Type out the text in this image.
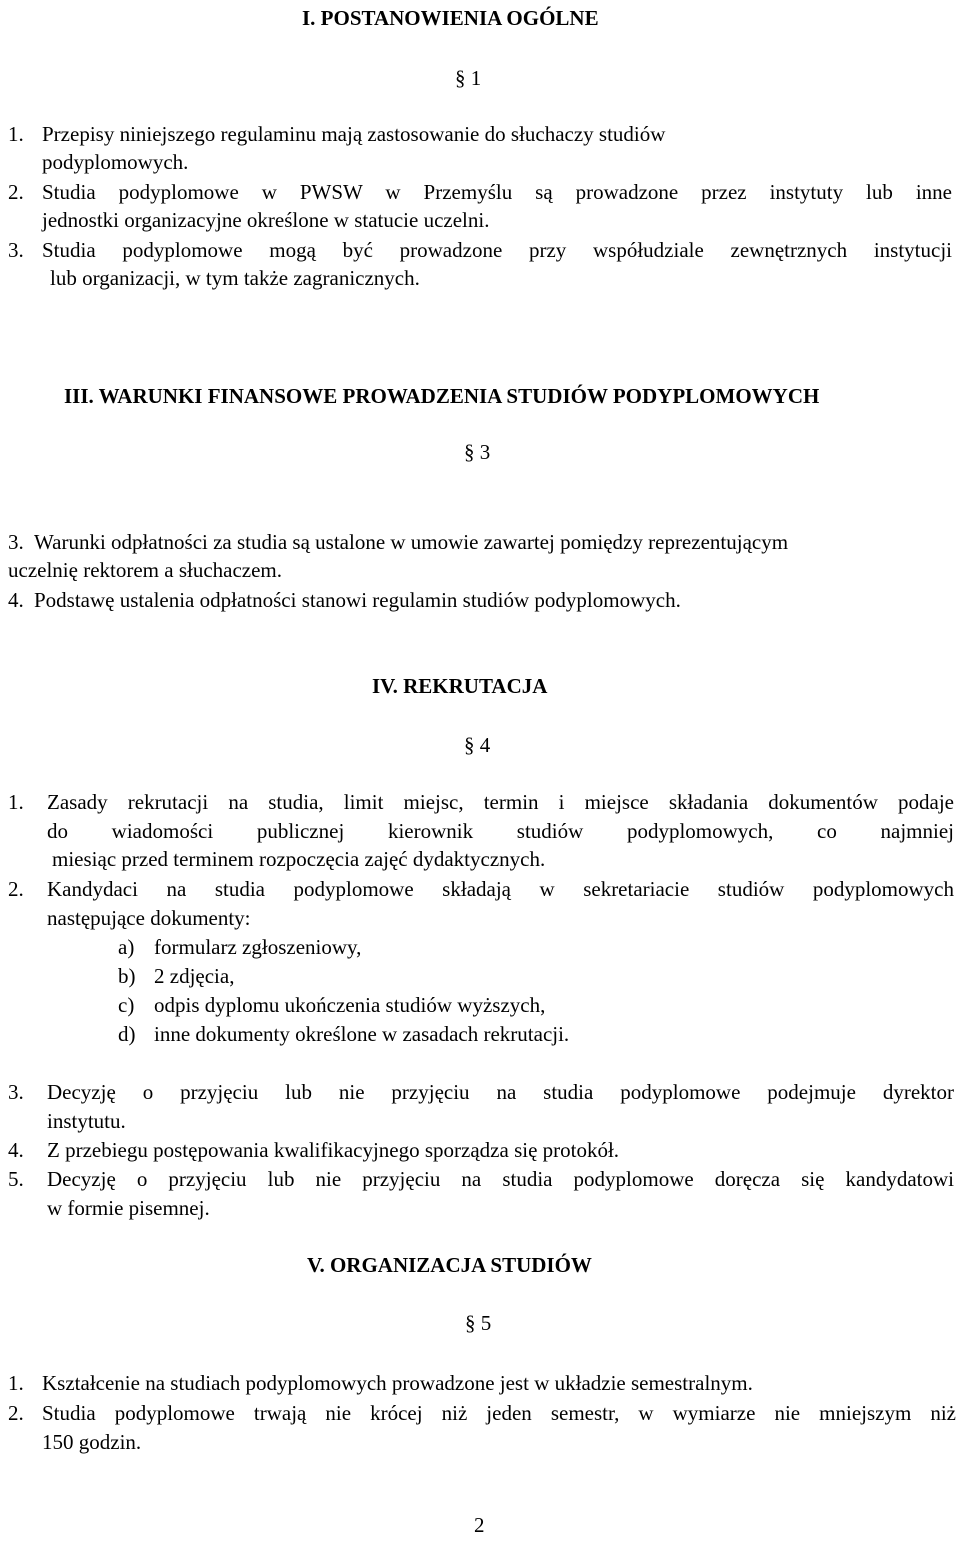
I. POSTANOWIENIA OGÓLNE
§ 1
1. Przepisy niniejszego regulaminu mają zastosowanie do słuchaczy studiów
podyplomowych.
2. Studia podyplomowe w PWSW w Przemyślu są prowadzone przez instytuty lub inne
jednostki organizacyjne określone w statucie uczelni.
3. Studia podyplomowe mogą być prowadzone przy współudziale zewnętrznych instytucji
lub organizacji, w tym także zagranicznych.
III. WARUNKI FINANSOWE PROWADZENIA STUDIÓW PODYPLOMOWYCH
§ 3
3. Warunki odpłatności za studia są ustalone w umowie zawartej pomiędzy reprezentującym
uczelnię rektorem a słuchaczem.
4. Podstawę ustalenia odpłatności stanowi regulamin studiów podyplomowych.
IV. REKRUTACJA
§ 4
1. Zasady rekrutacji na studia, limit miejsc, termin i miejsce składania dokumentów podaje
do wiadomości publicznej kierownik studiów podyplomowych, co najmniej
miesiąc przed terminem rozpoczęcia zajęć dydaktycznych.
2. Kandydaci na studia podyplomowe składają w sekretariacie studiów podyplomowych
następujące dokumenty:
a) formularz zgłoszeniowy,
b) 2 zdjęcia,
c) odpis dyplomu ukończenia studiów wyższych,
d) inne dokumenty określone w zasadach rekrutacji.
3. Decyzję o przyjęciu lub nie przyjęciu na studia podyplomowe podejmuje dyrektor
instytutu.
4. Z przebiegu postępowania kwalifikacyjnego sporządza się protokół.
5. Decyzję o przyjęciu lub nie przyjęciu na studia podyplomowe doręcza się kandydatowi
w formie pisemnej.
V. ORGANIZACJA STUDIÓW
§ 5
1. Kształcenie na studiach podyplomowych prowadzone jest w układzie semestralnym.
2. Studia podyplomowe trwają nie krócej niż jeden semestr, w wymiarze nie mniejszym niż
150 godzin.
2
